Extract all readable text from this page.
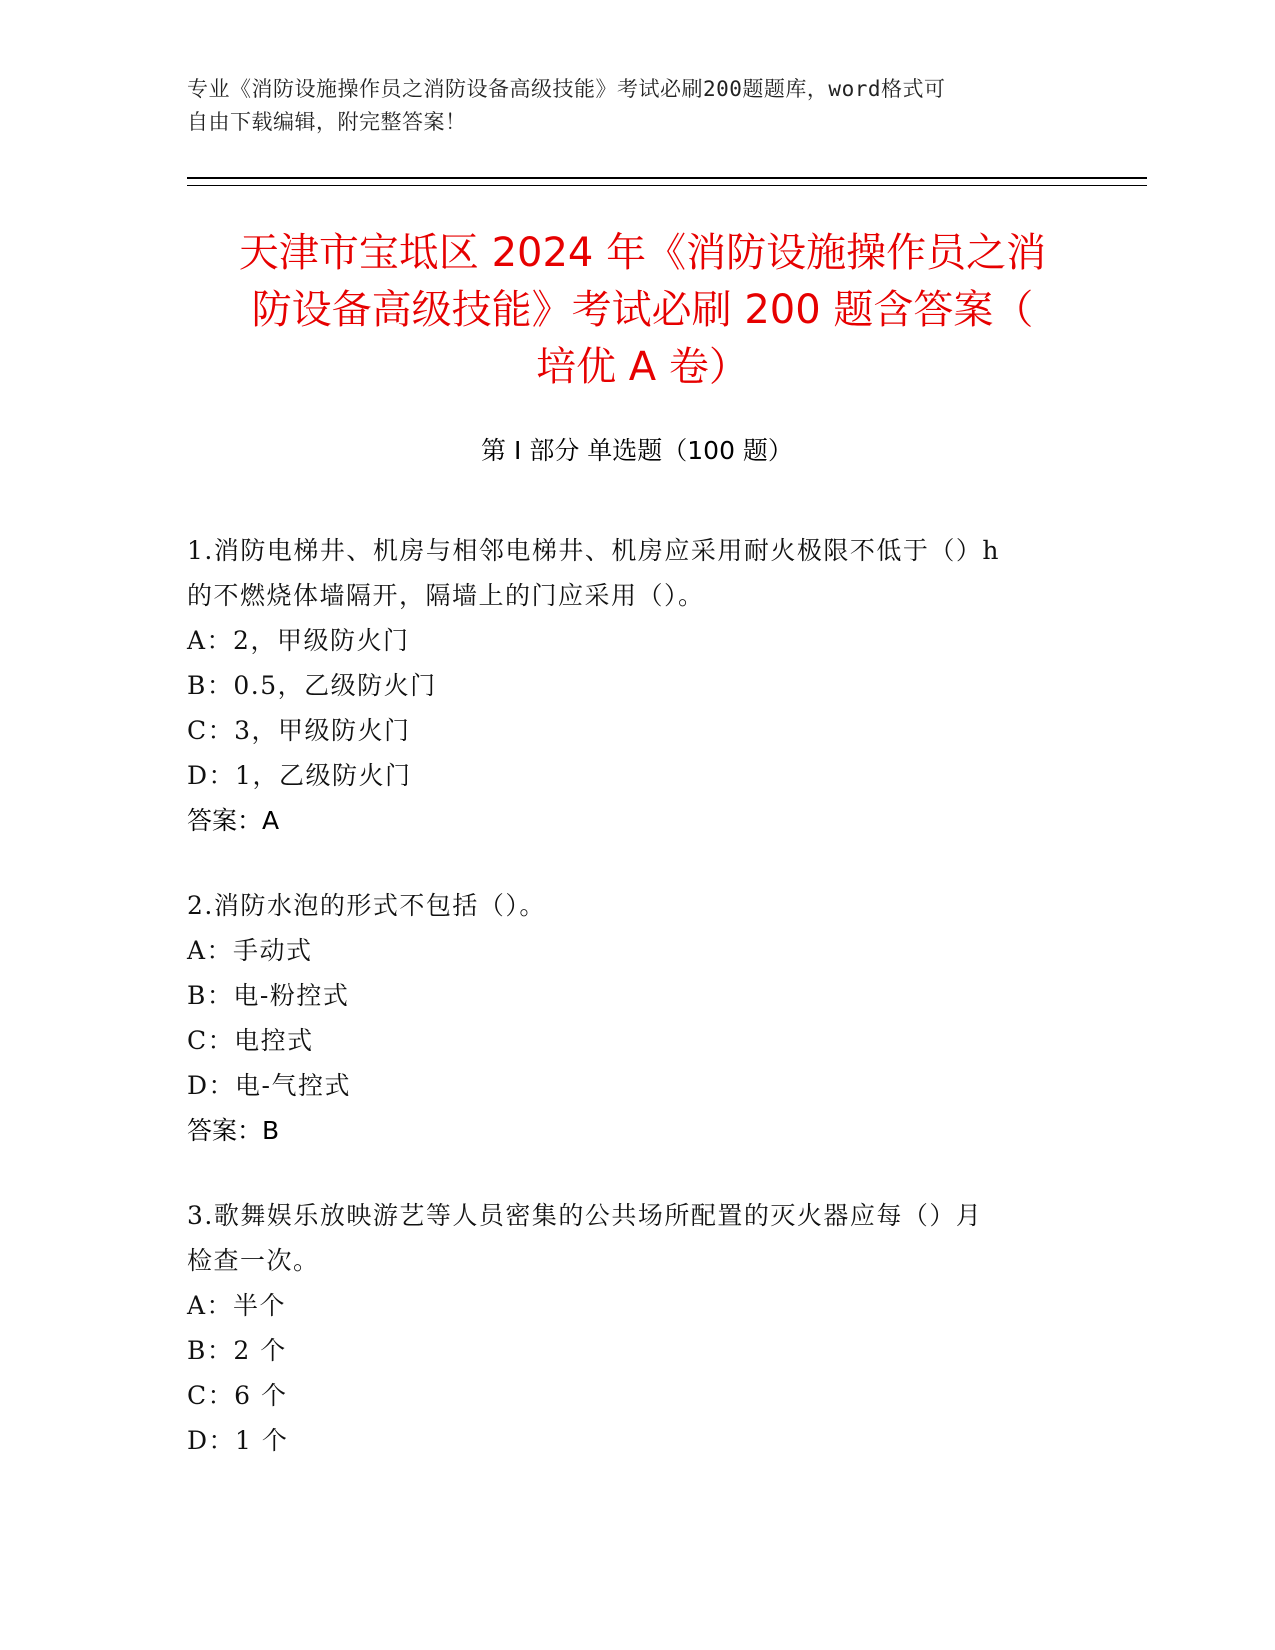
专业《消防设施操作员之消防设备高级技能》考试必刷200题题库，word格式可
自由下载编辑，附完整答案！
天津市宝坻区 2024 年《消防设施操作员之消
防设备高级技能》考试必刷 200 题含答案（
培优 A 卷）
第 I 部分 单选题（100 题）

1.消防电梯井、机房与相邻电梯井、机房应采用耐火极限不低于（）h

的不燃烧体墙隔开，隔墙上的门应采用（）。

A：2，甲级防火门

B：0.5，乙级防火门

C：3，甲级防火门

D：1，乙级防火门

答案：A

2.消防水泡的形式不包括（）。

A：手动式

B：电-粉控式

C：电控式

D：电-气控式

答案：B

3.歌舞娱乐放映游艺等人员密集的公共场所配置的灭火器应每（）月

检查一次。

A：半个

B：2 个

C：6 个

D：1 个
